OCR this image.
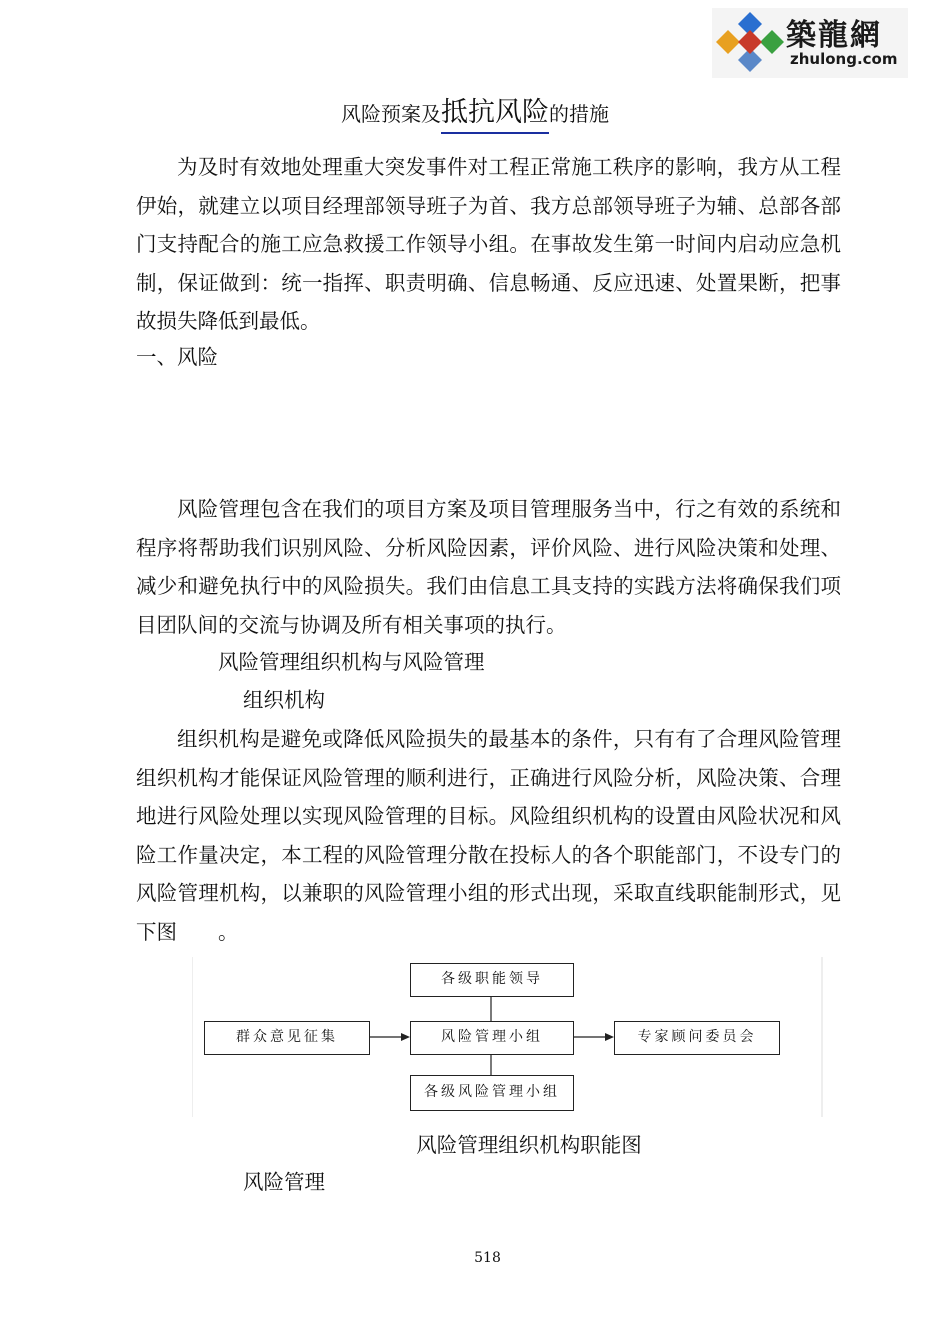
築龍網
zhulong.com
风险预案及抵抗风险的措施

为及时有效地处理重大突发事件对工程正常施工秩序的影响，我方从工程伊始，就建立以项目经理部领导班子为首、我方总部领导班子为辅、总部各部门支持配合的施工应急救援工作领导小组。在事故发生第一时间内启动应急机制，保证做到：统一指挥、职责明确、信息畅通、反应迅速、处置果断，把事故损失降低到最低。

一、风险

风险管理包含在我们的项目方案及项目管理服务当中，行之有效的系统和程序将帮助我们识别风险、分析风险因素，评价风险、进行风险决策和处理、减少和避免执行中的风险损失。我们由信息工具支持的实践方法将确保我们项目团队间的交流与协调及所有相关事项的执行。

风险管理组织机构与风险管理
组织机构

组织机构是避免或降低风险损失的最基本的条件，只有有了合理风险管理组织机构才能保证风险管理的顺利进行，正确进行风险分析，风险决策、合理地进行风险处理以实现风险管理的目标。风险组织机构的设置由风险状况和风险工作量决定，本工程的风险管理分散在投标人的各个职能部门，不设专门的风险管理机构，以兼职的风险管理小组的形式出现，采取直线职能制形式，见下图　　。

各级职能领导
群众意见征集	风险管理小组	专家顾问委员会
各级风险管理小组
风险管理组织机构职能图
风险管理
518
